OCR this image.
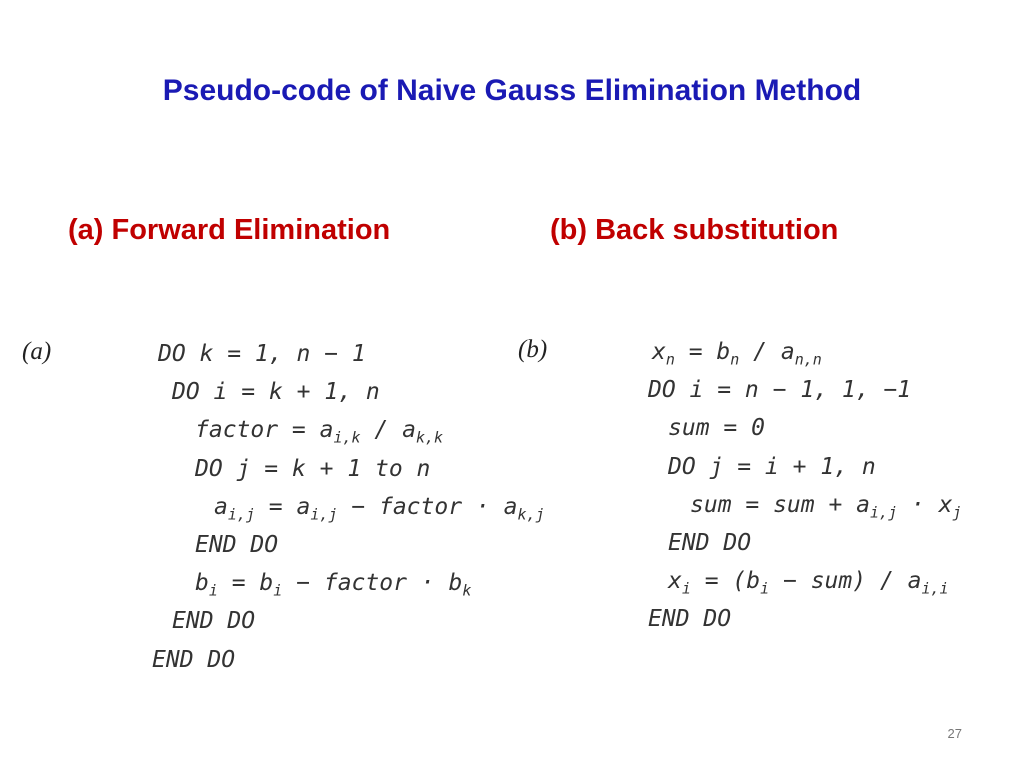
Pseudo-code of Naive Gauss Elimination Method
(a) Forward Elimination	(b) Back substitution
(a)	(b)
DO k = 1, n − 1
DO i = k + 1, n
factor = $a_{i,k} / a_{k,k}$
DO j = k + 1 to n
$a_{i,j} = a_{i,j}$ − factor · $a_{k,j}$
END DO
$b_i = b_i$ − factor · $b_k$
END DO
END DO
$x_n = b_n / a_{n,n}$
DO i = n − 1, 1, −1
sum = 0
DO j = i + 1, n
sum = sum + $a_{i,j} \cdot x_j$
END DO
$x_i = (b_i - sum) / a_{i,i}$
END DO
27
